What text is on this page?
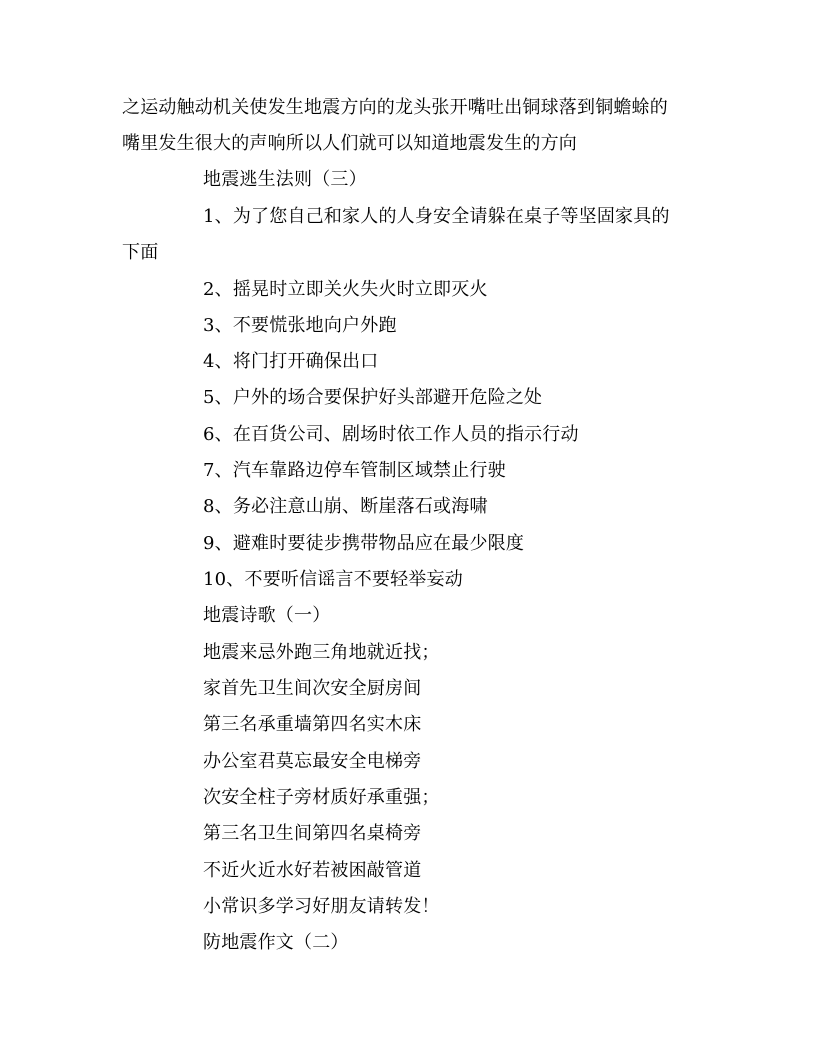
之运动触动机关使发生地震方向的龙头张开嘴吐出铜球落到铜蟾蜍的
嘴里发生很大的声响所以人们就可以知道地震发生的方向
地震逃生法则（三）
1、为了您自己和家人的人身安全请躲在桌子等坚固家具的
下面
2、摇晃时立即关火失火时立即灭火
3、不要慌张地向户外跑
4、将门打开确保出口
5、户外的场合要保护好头部避开危险之处
6、在百货公司、剧场时依工作人员的指示行动
7、汽车靠路边停车管制区域禁止行驶
8、务必注意山崩、断崖落石或海啸
9、避难时要徒步携带物品应在最少限度
10、不要听信谣言不要轻举妄动
地震诗歌（一）
地震来忌外跑三角地就近找；
家首先卫生间次安全厨房间
第三名承重墙第四名实木床
办公室君莫忘最安全电梯旁
次安全柱子旁材质好承重强；
第三名卫生间第四名桌椅旁
不近火近水好若被困敲管道
小常识多学习好朋友请转发！
防地震作文（二）
